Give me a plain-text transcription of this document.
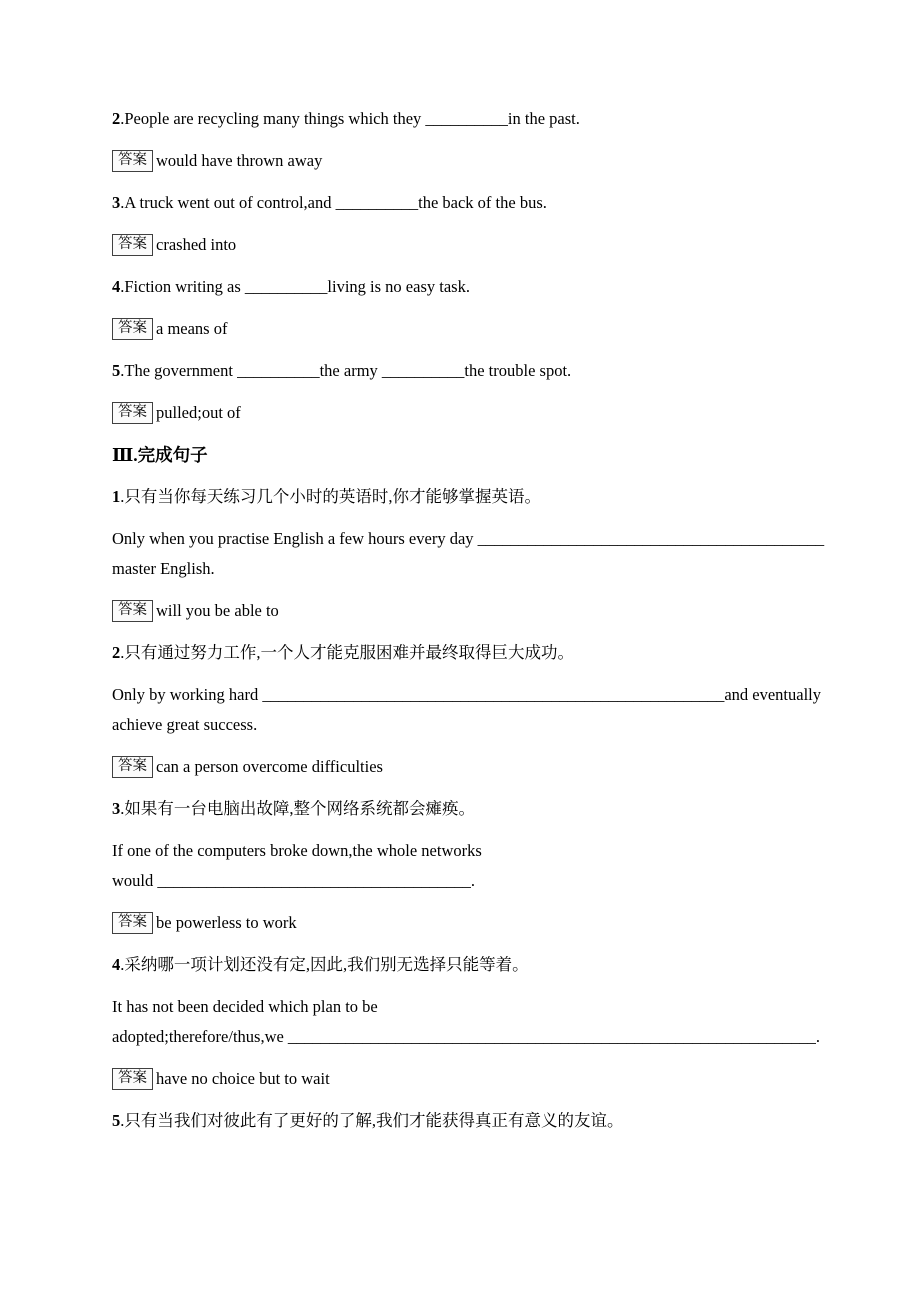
2.People are recycling many things which they __________in the past.
答案 would have thrown away
3.A truck went out of control,and __________the back of the bus.
答案 crashed into
4.Fiction writing as __________living is no easy task.
答案 a means of
5.The government __________the army __________the trouble spot.
答案 pulled;out of
Ⅲ.完成句子
1.只有当你每天练习几个小时的英语时,你才能够掌握英语。
Only when you practise English a few hours every day __________________________________________
master English.
答案 will you be able to
2.只有通过努力工作,一个人才能克服困难并最终取得巨大成功。
Only by working hard ________________________________________________________and eventually
achieve great success.
答案 can a person overcome difficulties
3.如果有一台电脑出故障,整个网络系统都会瘫痪。
If one of the computers broke down,the whole networks
would ______________________________________.
答案 be powerless to work
4.采纳哪一项计划还没有定,因此,我们别无选择只能等着。
It has not been decided which plan to be
adopted;therefore/thus,we ________________________________________________________________.
答案 have no choice but to wait
5.只有当我们对彼此有了更好的了解,我们才能获得真正有意义的友谊。
